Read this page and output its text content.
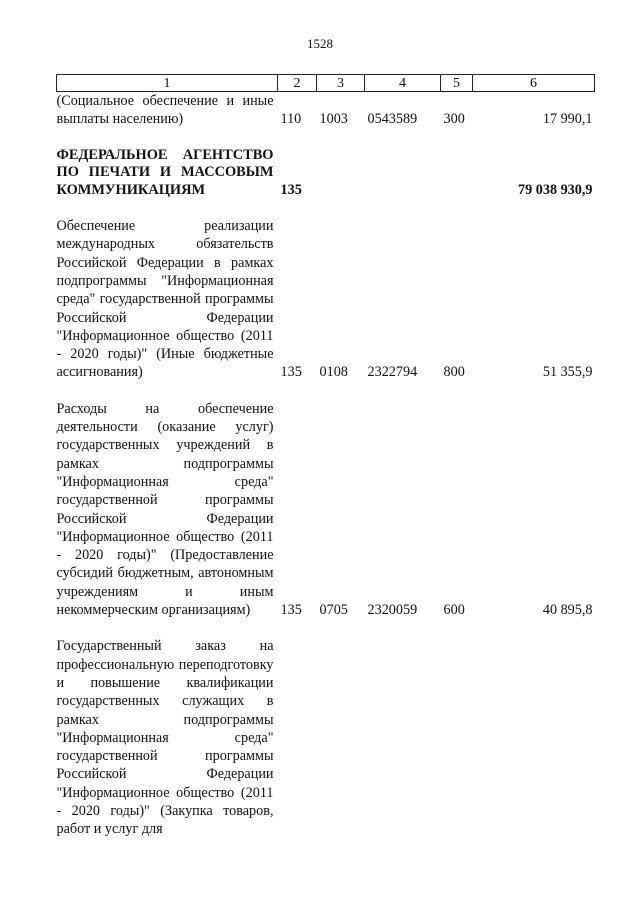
1528
1	2	3	4	5	6
(Социальное обеспечение и иные выплаты населению)	110	1003	0543589	300	17 990,1

ФЕДЕРАЛЬНОЕ АГЕНТСТВО ПО ПЕЧАТИ И МАССОВЫМ КОММУНИКАЦИЯМ	135				79 038 930,9

Обеспечение реализации международных обязательств Российской Федерации в рамках подпрограммы "Информационная среда" государственной программы Российской Федерации "Информационное общество (2011 - 2020 годы)" (Иные бюджетные ассигнования)	135	0108	2322794	800	51 355,9

Расходы на обеспечение деятельности (оказание услуг) государственных учреждений в рамках подпрограммы "Информационная среда" государственной программы Российской Федерации "Информационное общество (2011 - 2020 годы)" (Предоставление субсидий бюджетным, автономным учреждениям и иным некоммерческим организациям)	135	0705	2320059	600	40 895,8

Государственный заказ на профессиональную переподготовку и повышение квалификации государственных служащих в рамках подпрограммы "Информационная среда" государственной программы Российской Федерации "Информационное общество (2011 - 2020 годы)" (Закупка товаров, работ и услуг для					
